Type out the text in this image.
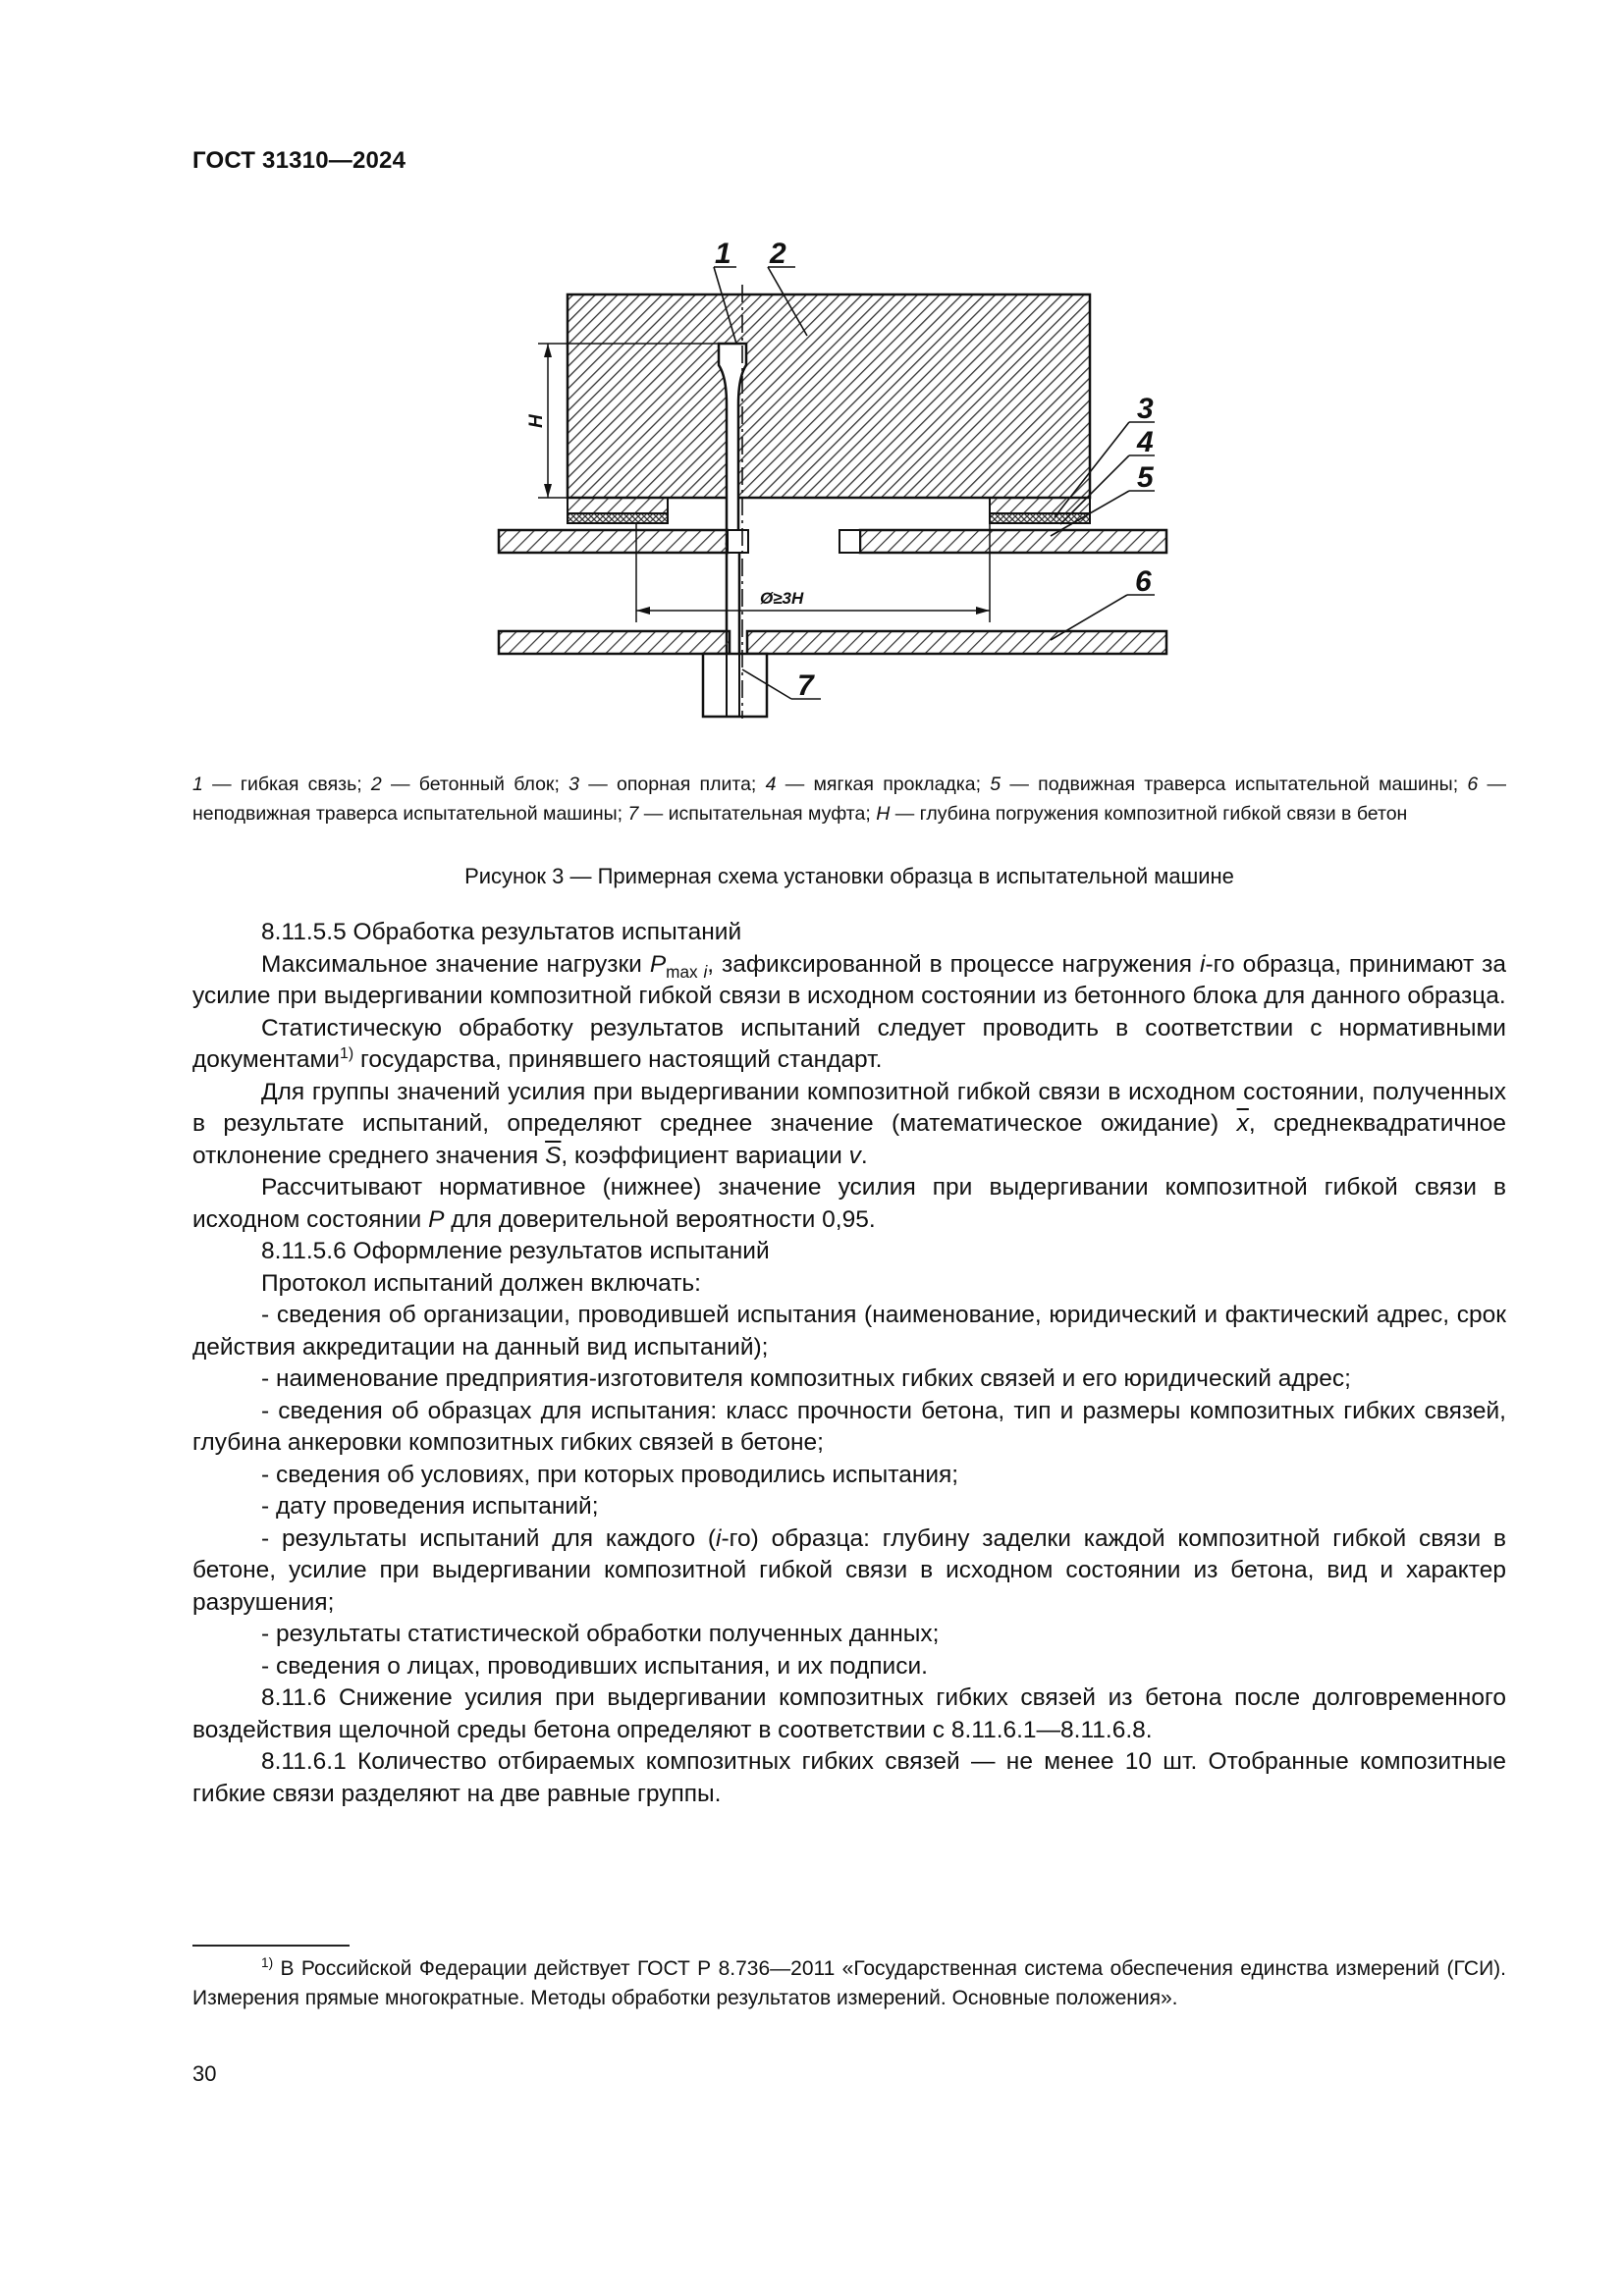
ГОСТ 31310—2024
H
Ø≥3H
1 2
3
4
5
6
7
1 — гибкая связь; 2 — бетонный блок; 3 — опорная плита; 4 — мягкая прокладка; 5 — подвижная траверса испытательной машины; 6 — неподвижная траверса испытательной машины; 7 — испытательная муфта; H — глубина погружения композитной гибкой связи в бетон
Рисунок 3 — Примерная схема установки образца в испытательной машине

8.11.5.5 Обработка результатов испытаний

Максимальное значение нагрузки $P_{max i}$, зафиксированной в процессе нагружения i-го образца, принимают за усилие при выдергивании композитной гибкой связи в исходном состоянии из бетонного блока для данного образца.

Статистическую обработку результатов испытаний следует проводить в соответствии с нормативными документами$^{1)}$ государства, принявшего настоящий стандарт.

Для группы значений усилия при выдергивании композитной гибкой связи в исходном состоянии, полученных в результате испытаний, определяют среднее значение (математическое ожидание) $\overline{x}$, среднеквадратичное отклонение среднего значения $\overline{S}$, коэффициент вариации v.

Рассчитывают нормативное (нижнее) значение усилия при выдергивании композитной гибкой связи в исходном состоянии P для доверительной вероятности 0,95.

8.11.5.6 Оформление результатов испытаний

Протокол испытаний должен включать:

- сведения об организации, проводившей испытания (наименование, юридический и фактический адрес, срок действия аккредитации на данный вид испытаний);

- наименование предприятия-изготовителя композитных гибких связей и его юридический адрес;

- сведения об образцах для испытания: класс прочности бетона, тип и размеры композитных гибких связей, глубина анкеровки композитных гибких связей в бетоне;

- сведения об условиях, при которых проводились испытания;

- дату проведения испытаний;

- результаты испытаний для каждого (i-го) образца: глубину заделки каждой композитной гибкой связи в бетоне, усилие при выдергивании композитной гибкой связи в исходном состоянии из бетона, вид и характер разрушения;

- результаты статистической обработки полученных данных;

- сведения о лицах, проводивших испытания, и их подписи.

8.11.6 Снижение усилия при выдергивании композитных гибких связей из бетона после долговременного воздействия щелочной среды бетона определяют в соответствии с 8.11.6.1—8.11.6.8.

8.11.6.1 Количество отбираемых композитных гибких связей — не менее 10 шт. Отобранные композитные гибкие связи разделяют на две равные группы.

$^{1)}$ В Российской Федерации действует ГОСТ Р 8.736—2011 «Государственная система обеспечения единства измерений (ГСИ). Измерения прямые многократные. Методы обработки результатов измерений. Основные положения».
30
